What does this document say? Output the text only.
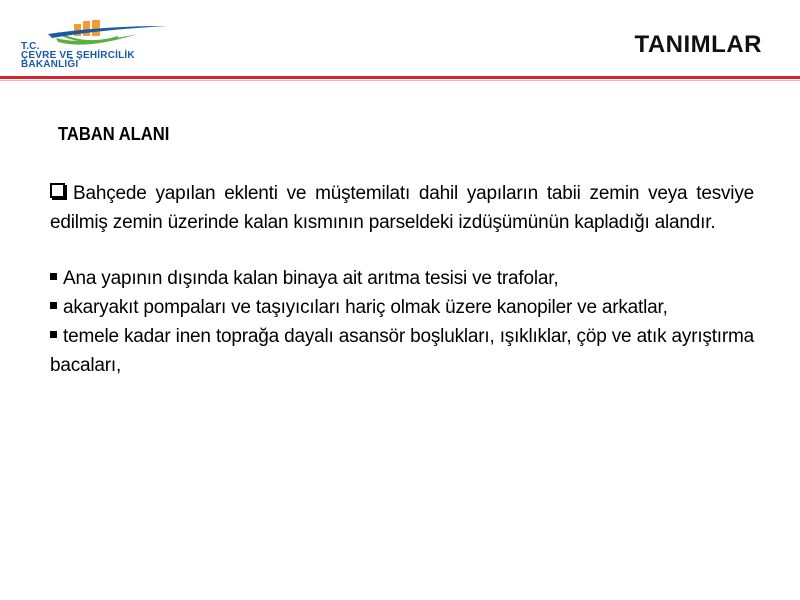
T.C.
ÇEVRE VE ŞEHİRCİLİK
BAKANLIĞI
TANIMLAR
TABAN ALANI
Bahçede yapılan eklenti ve müştemilatı dahil yapıların tabii zemin veya tesviye edilmiş zemin üzerinde kalan kısmının parseldeki izdüşümünün kapladığı alandır.
Ana yapının dışında kalan binaya ait arıtma tesisi ve trafolar,
akaryakıt pompaları ve taşıyıcıları hariç olmak üzere kanopiler ve arkatlar,
temele kadar inen toprağa dayalı asansör boşlukları, ışıklıklar, çöp ve atık ayrıştırma bacaları,
